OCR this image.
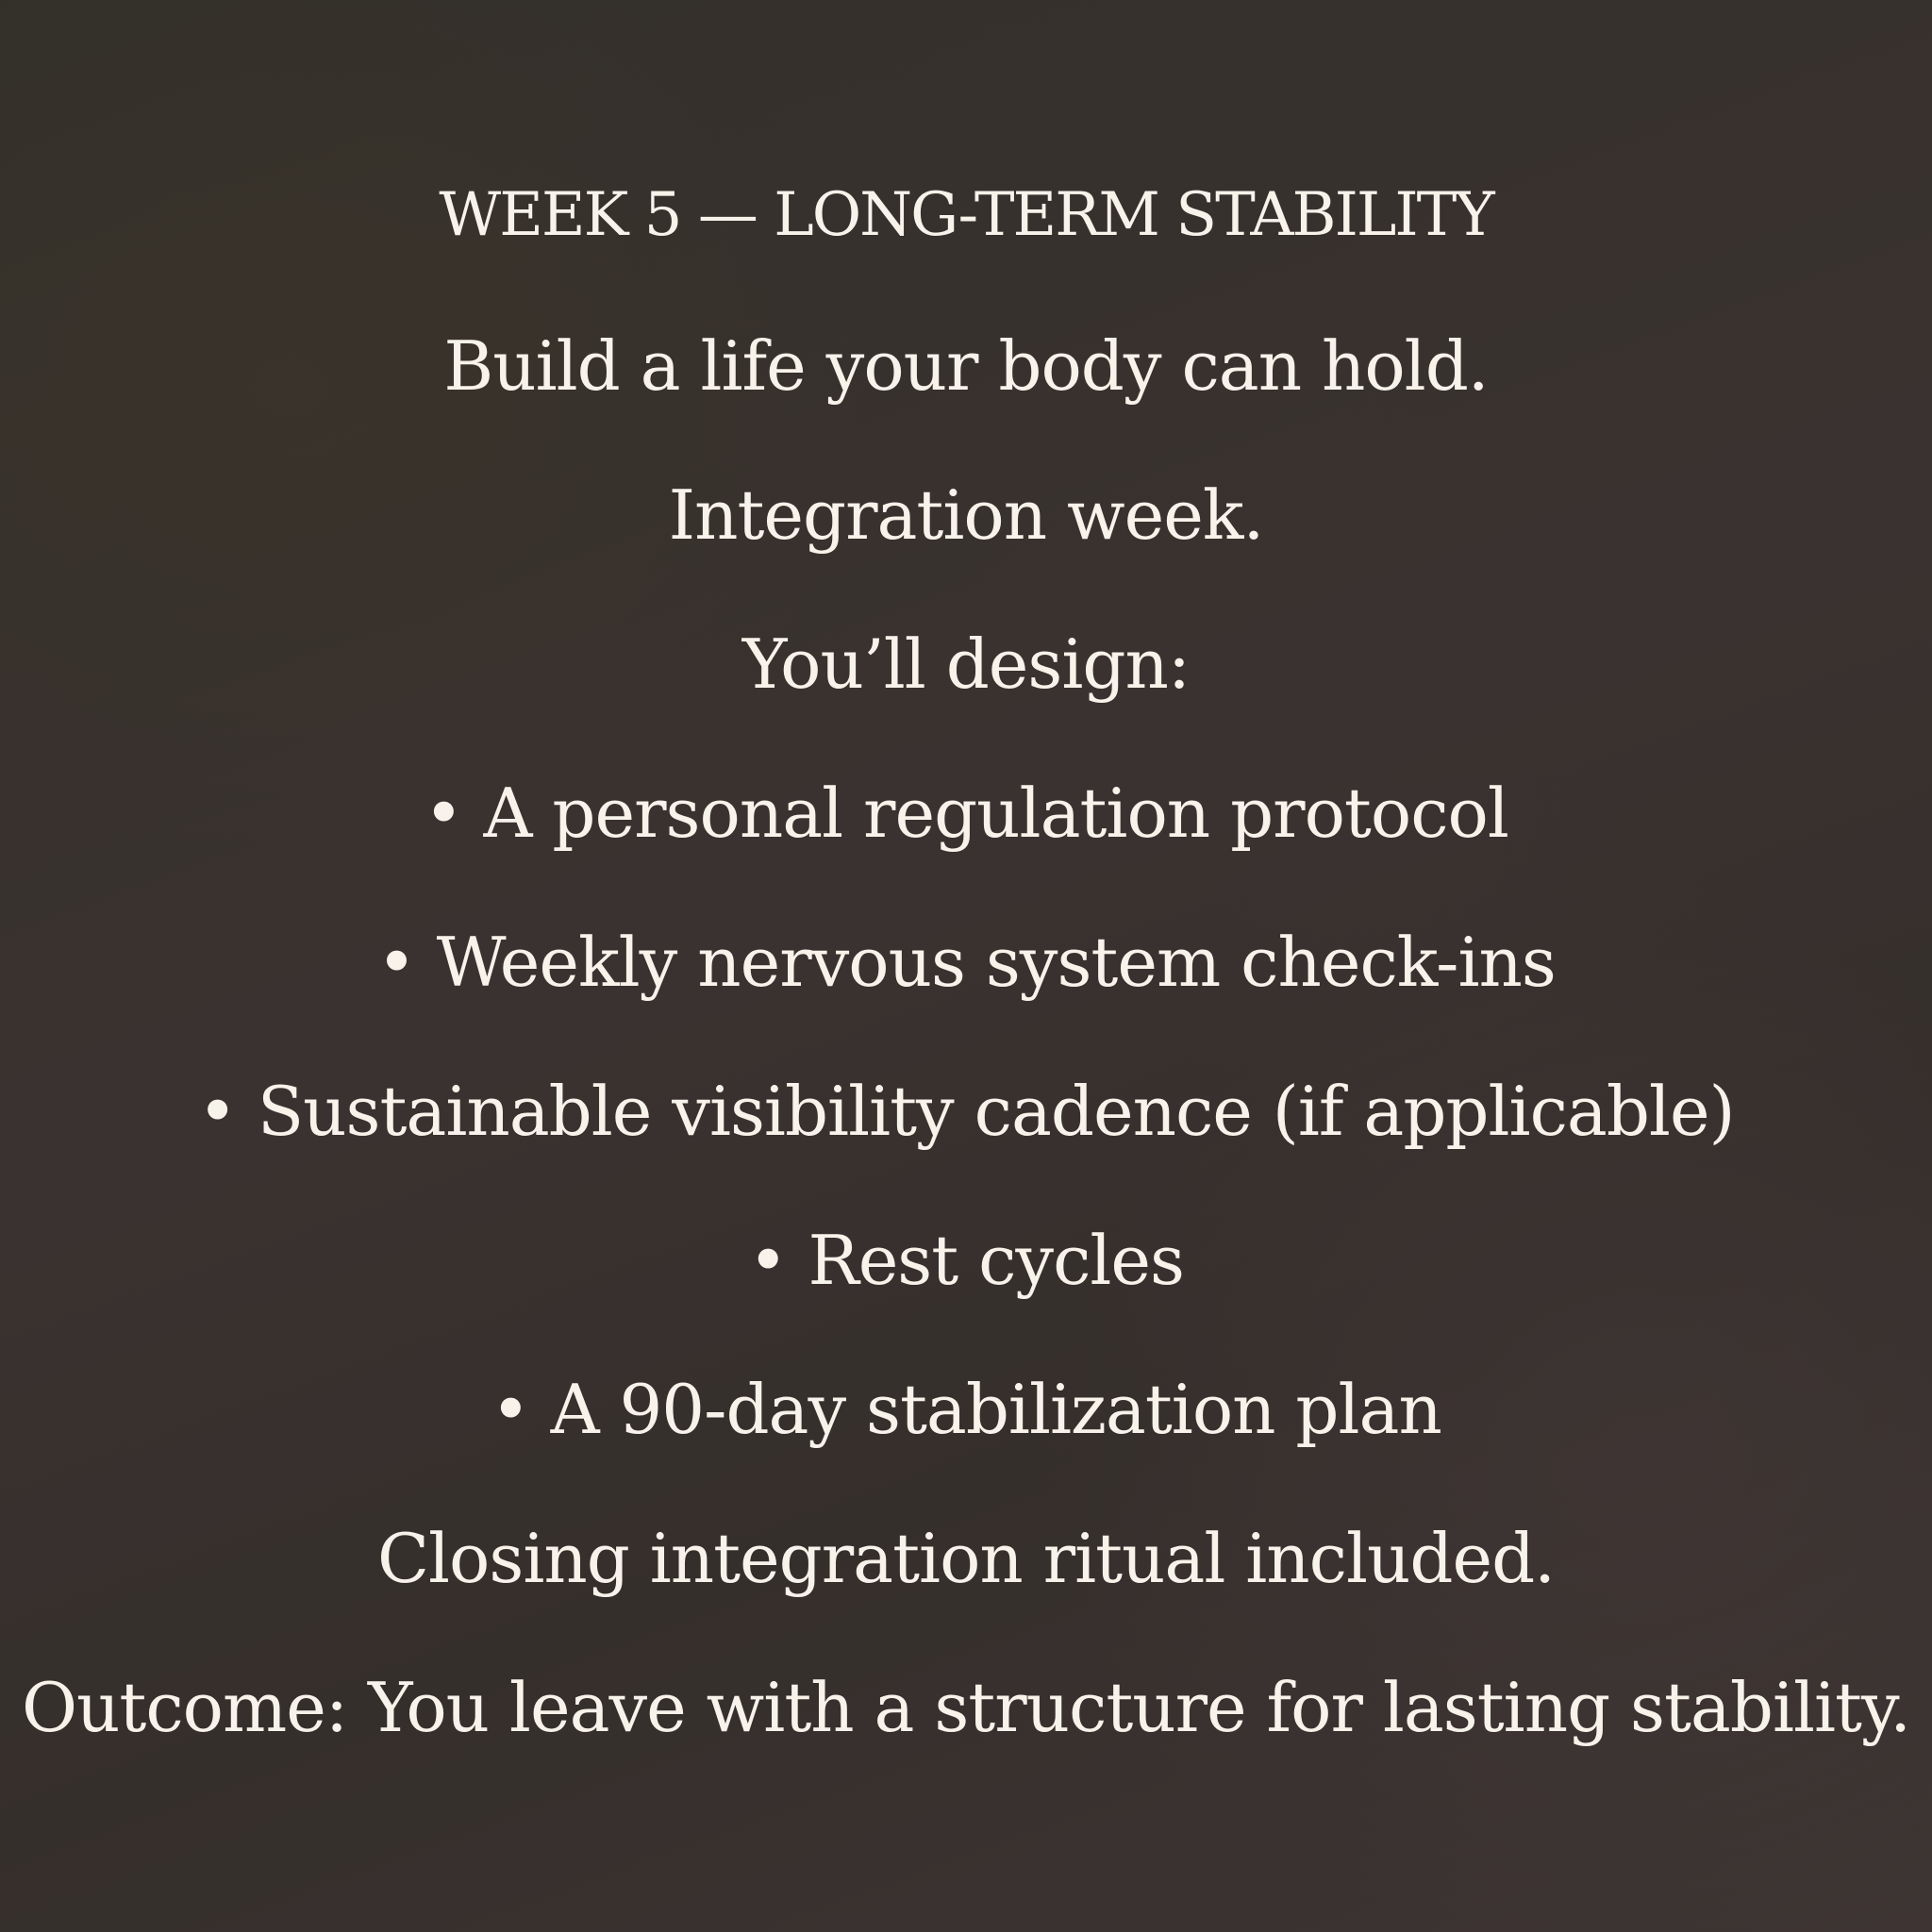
WEEK 5 — LONG-TERM STABILITY

Build a life your body can hold.

Integration week.

You’ll design:

• A personal regulation protocol
• Weekly nervous system check-ins
• Sustainable visibility cadence (if applicable)
• Rest cycles
• A 90-day stabilization plan

Closing integration ritual included.

Outcome: You leave with a structure for lasting stability.
